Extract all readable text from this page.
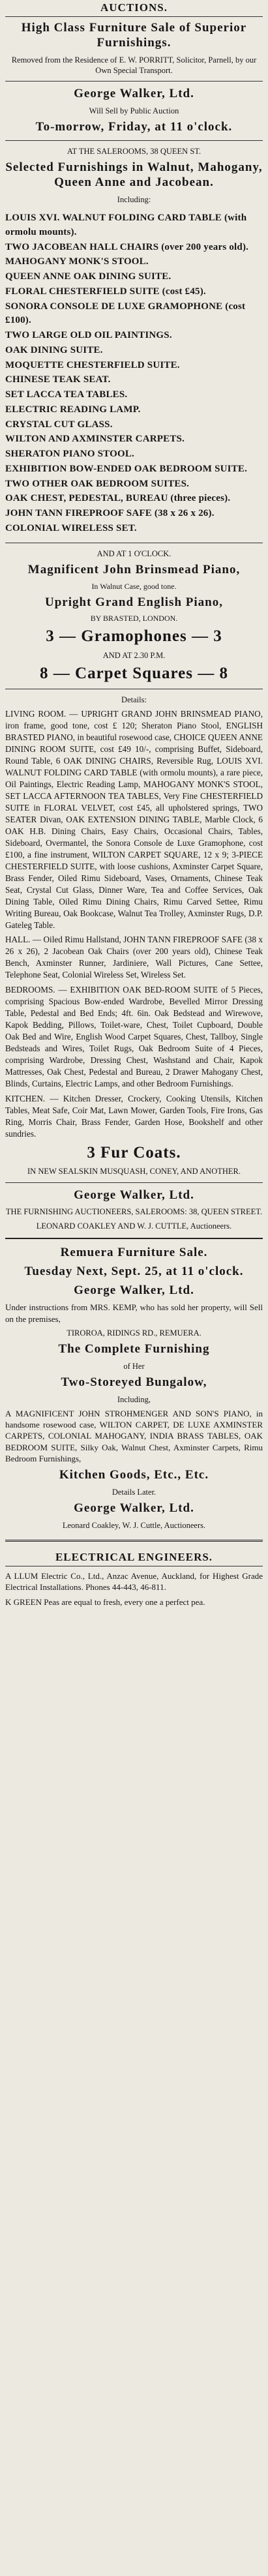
AUCTIONS.
High Class Furniture Sale of Superior Furnishings.

Removed from the Residence of E. W. PORRITT, Solicitor, Parnell, by our Own Special Transport.

George Walker, Ltd.

Will Sell by Public Auction

To-morrow, Friday, at 11 o'clock.

AT THE SALEROOMS, 38 QUEEN ST.

Selected Furnishings in Walnut, Mahogany, Queen Anne and Jacobean.

Including:

LOUIS XVI. WALNUT FOLDING CARD TABLE (with ormolu mounts).
TWO JACOBEAN HALL CHAIRS (over 200 years old).
MAHOGANY MONK'S STOOL.
QUEEN ANNE OAK DINING SUITE.
FLORAL CHESTERFIELD SUITE (cost £45).
SONORA CONSOLE DE LUXE GRAMOPHONE (cost £100).
TWO LARGE OLD OIL PAINTINGS.
OAK DINING SUITE.
MOQUETTE CHESTERFIELD SUITE.
CHINESE TEAK SEAT.
SET LACCA TEA TABLES.
ELECTRIC READING LAMP.
CRYSTAL CUT GLASS.
WILTON AND AXMINSTER CARPETS.
SHERATON PIANO STOOL.
EXHIBITION BOW-ENDED OAK BEDROOM SUITE.
TWO OTHER OAK BEDROOM SUITES.
OAK CHEST, PEDESTAL, BUREAU (three pieces).
JOHN TANN FIREPROOF SAFE (38 x 26 x 26).
COLONIAL WIRELESS SET.

AND AT 1 O'CLOCK.

Magnificent John Brinsmead Piano,

In Walnut Case, good tone.

Upright Grand English Piano,

BY BRASTED, LONDON.

3 — Gramophones — 3

AND AT 2.30 P.M.

8 — Carpet Squares — 8

Details:

LIVING ROOM. — UPRIGHT GRAND JOHN BRINSMEAD PIANO, iron frame, good tone, cost £ 120; Sheraton Piano Stool, ENGLISH BRASTED PIANO, in beautiful rosewood case, CHOICE QUEEN ANNE DINING ROOM SUITE, cost £49 10/-, comprising Buffet, Sideboard, Round Table, 6 OAK DINING CHAIRS, Reversible Rug, LOUIS XVI. WALNUT FOLDING CARD TABLE (with ormolu mounts), a rare piece, Oil Paintings, Electric Reading Lamp, MAHOGANY MONK'S STOOL, SET LACCA AFTERNOON TEA TABLES, Very Fine CHESTERFIELD SUITE in FLORAL VELVET, cost £45, all upholstered springs, TWO SEATER Divan, OAK EXTENSION DINING TABLE, Marble Clock, 6 OAK H.B. Dining Chairs, Easy Chairs, Occasional Chairs, Tables, Sideboard, Overmantel, the Sonora Console de Luxe Gramophone, cost £100, a fine instrument, WILTON CARPET SQUARE, 12 x 9; 3-PIECE CHESTERFIELD SUITE, with loose cushions, Axminster Carpet Square, Brass Fender, Oiled Rimu Sideboard, Vases, Ornaments, Chinese Teak Seat, Crystal Cut Glass, Dinner Ware, Tea and Coffee Services, Oak Dining Table, Oiled Rimu Dining Chairs, Rimu Carved Settee, Rimu Writing Bureau, Oak Bookcase, Walnut Tea Trolley, Axminster Rugs, D.P. Gateleg Table.

HALL. — Oiled Rimu Hallstand, JOHN TANN FIREPROOF SAFE (38 x 26 x 26), 2 Jacobean Oak Chairs (over 200 years old), Chinese Teak Bench, Axminster Runner, Jardiniere, Wall Pictures, Cane Settee, Telephone Seat, Colonial Wireless Set, Wireless Set.

BEDROOMS. — EXHIBITION OAK BED-ROOM SUITE of 5 Pieces, comprising Spacious Bow-ended Wardrobe, Bevelled Mirror Dressing Table, Pedestal and Bed Ends; 4ft. 6in. Oak Bedstead and Wirewove, Kapok Bedding, Pillows, Toilet-ware, Chest, Toilet Cupboard, Double Oak Bed and Wire, English Wood Carpet Squares, Chest, Tallboy, Single Bedsteads and Wires, Toilet Rugs, Oak Bedroom Suite of 4 Pieces, comprising Wardrobe, Dressing Chest, Washstand and Chair, Kapok Mattresses, Oak Chest, Pedestal and Bureau, 2 Drawer Mahogany Chest, Blinds, Curtains, Electric Lamps, and other Bedroom Furnishings.

KITCHEN. — Kitchen Dresser, Crockery, Cooking Utensils, Kitchen Tables, Meat Safe, Coir Mat, Lawn Mower, Garden Tools, Fire Irons, Gas Ring, Morris Chair, Brass Fender, Garden Hose, Bookshelf and other sundries.

3 Fur Coats.

IN NEW SEALSKIN MUSQUASH, CONEY, AND ANOTHER.

George Walker, Ltd.

THE FURNISHING AUCTIONEERS, SALEROOMS: 38, QUEEN STREET.

LEONARD COAKLEY AND W. J. CUTTLE, Auctioneers.

Remuera Furniture Sale.
Tuesday Next, Sept. 25, at 11 o'clock.
George Walker, Ltd.

Under instructions from MRS. KEMP, who has sold her property, will Sell on the premises,

TIROROA, RIDINGS RD., REMUERA.

The Complete Furnishing

of Her

Two-Storeyed Bungalow,

Including,

A MAGNIFICENT JOHN STROHMENGER AND SON'S PIANO, in handsome rosewood case, WILTON CARPET, DE LUXE AXMINSTER CARPETS, COLONIAL MAHOGANY, INDIA BRASS TABLES, OAK BEDROOM SUITE, Silky Oak, Walnut Chest, Axminster Carpets, Rimu Bedroom Furnishings,

Kitchen Goods, Etc., Etc.

Details Later.

George Walker, Ltd.

Leonard Coakley, W. J. Cuttle, Auctioneers.

ELECTRICAL ENGINEERS.

A LLUM Electric Co., Ltd., Anzac Avenue, Auckland, for Highest Grade Electrical Installations. Phones 44-443, 46-811.

K GREEN Peas are equal to fresh, every one a perfect pea.
